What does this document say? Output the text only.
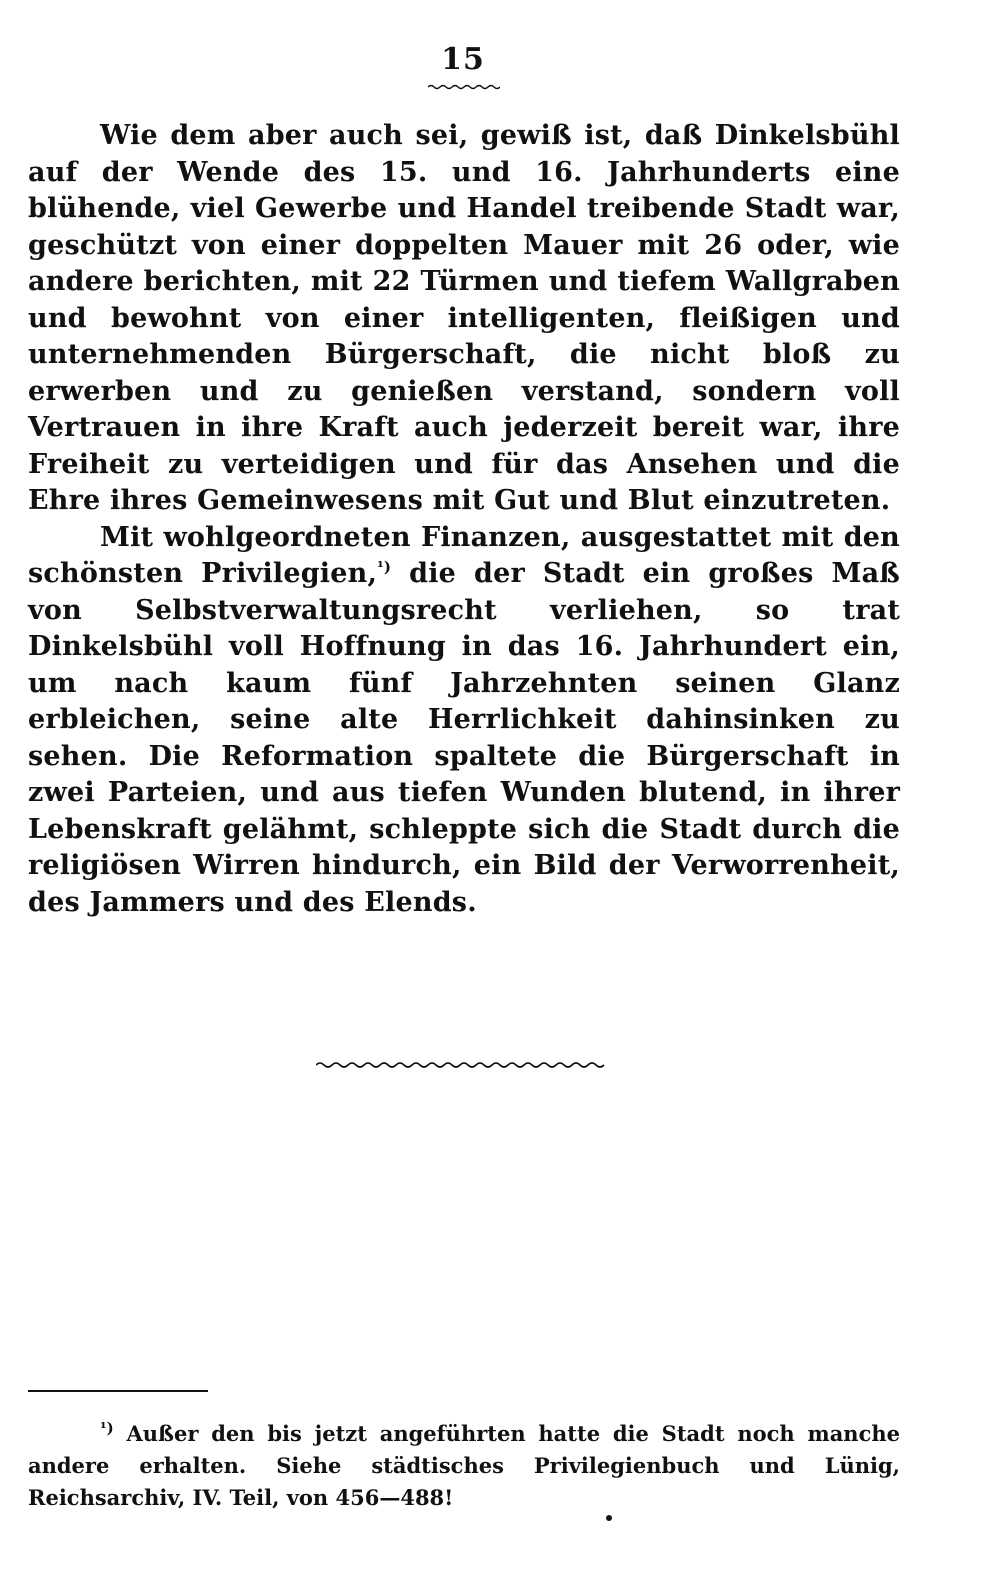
15

Wie dem aber auch sei, gewiß ist, daß Dinkelsbühl auf der Wende des 15. und 16. Jahrhunderts eine blühende, viel Gewerbe und Handel treibende Stadt war, geschützt von einer doppelten Mauer mit 26 oder, wie andere berichten, mit 22 Türmen und tiefem Wallgraben und bewohnt von einer intelligenten, fleißigen und unternehmenden Bürgerschaft, die nicht bloß zu erwerben und zu genießen verstand, sondern voll Vertrauen in ihre Kraft auch jederzeit bereit war, ihre Freiheit zu verteidigen und für das Ansehen und die Ehre ihres Gemeinwesens mit Gut und Blut einzutreten.

Mit wohlgeordneten Finanzen, ausgestattet mit den schönsten Privilegien,$^{^1)}$ die der Stadt ein großes Maß von Selbstverwaltungsrecht verliehen, so trat Dinkelsbühl voll Hoffnung in das 16. Jahrhundert ein, um nach kaum fünf Jahrzehnten seinen Glanz erbleichen, seine alte Herrlichkeit dahinsinken zu sehen. Die Reformation spaltete die Bürgerschaft in zwei Parteien, und aus tiefen Wunden blutend, in ihrer Lebenskraft gelähmt, schleppte sich die Stadt durch die religiösen Wirren hindurch, ein Bild der Verworrenheit, des Jammers und des Elends.

$^{^1)}$ Außer den bis jetzt angeführten hatte die Stadt noch manche andere erhalten. Siehe städtisches Privilegienbuch und Lünig, Reichsarchiv, IV. Teil, von 456—488!
